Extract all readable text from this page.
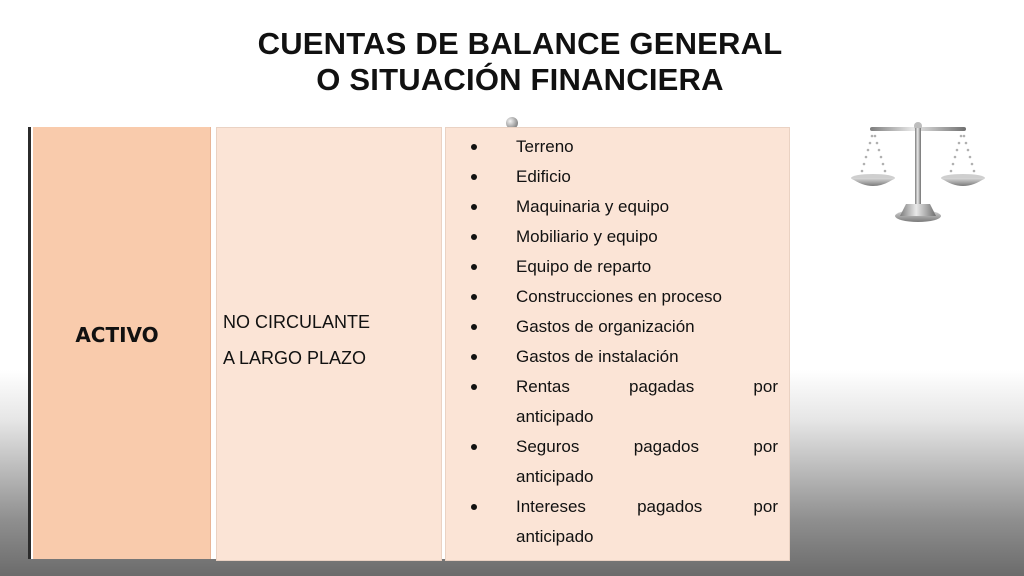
CUENTAS DE BALANCE GENERAL
O SITUACIÓN FINANCIERA
ACTIVO
NO CIRCULANTE
A LARGO PLAZO
Terreno
Edificio
Maquinaria y equipo
Mobiliario y equipo
Equipo de reparto
Construcciones en proceso
Gastos de organización
Gastos de instalación
Rentas	pagadas	por
anticipado
Seguros	pagados	por
anticipado
Intereses	pagados	por
anticipado
